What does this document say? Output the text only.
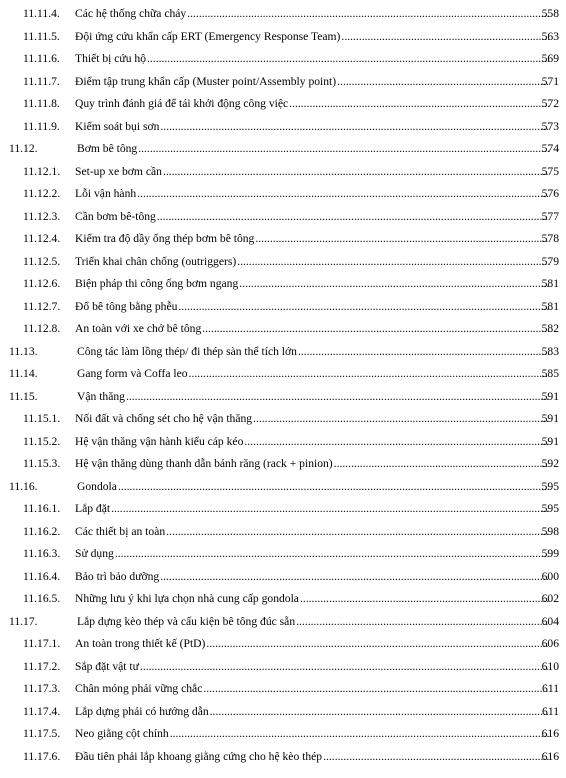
11.11.4. Các hệ thống chữa cháy .....	558
11.11.5. Đội ứng cứu khẩn cấp ERT (Emergency Response Team) .....	563
11.11.6. Thiết bị cứu hộ .....	569
11.11.7. Điểm tập trung khẩn cấp (Muster point/Assembly point) .....	571
11.11.8. Quy trình đánh giá để tái khởi động công việc .....	572
11.11.9. Kiểm soát bụi sơn .....	573
11.12.	Bơm bê tông .....	574
11.12.1. Set-up xe bơm cần .....	575
11.12.2. Lỗi vận hành .....	576
11.12.3. Cần bơm bê-tông .....	577
11.12.4. Kiểm tra độ dầy ống thép bơm bê tông .....	578
11.12.5. Triển khai chân chống (outriggers) .....	579
11.12.6. Biện pháp thi công ống bơm ngang .....	581
11.12.7. Đổ bê tông bằng phễu .....	581
11.12.8. An toàn với xe chở bê tông .....	582
11.13.	Công tác làm lồng thép/ đi thép sàn thể tích lớn .....	583
11.14.	Gang form và Coffa leo .....	585
11.15.	Vận thăng .....	591
11.15.1. Nối đất và chống sét cho hệ vận thăng .....	591
11.15.2. Hệ vận thăng vận hành kiểu cáp kéo .....	591
11.15.3. Hệ vận thăng dùng thanh dẫn bánh răng (rack + pinion) .....	592
11.16.	Gondola .....	595
11.16.1. Lắp đặt .....	595
11.16.2. Các thiết bị an toàn .....	598
11.16.3. Sử dụng .....	599
11.16.4. Bảo trì bảo dưỡng .....	600
11.16.5. Những lưu ý khi lựa chọn nhà cung cấp gondola .....	602
11.17.	Lắp dựng kèo thép và cấu kiện bê tông đúc sẵn .....	604
11.17.1. An toàn trong thiết kế (PtD) .....	606
11.17.2. Sắp đặt vật tư .....	610
11.17.3. Chân móng phải vững chắc .....	611
11.17.4. Lắp dựng phải có hướng dẫn .....	611
11.17.5. Neo giằng cột chính .....	616
11.17.6. Đầu tiên phải lắp khoang giằng cứng cho hệ kèo thép .....	616
